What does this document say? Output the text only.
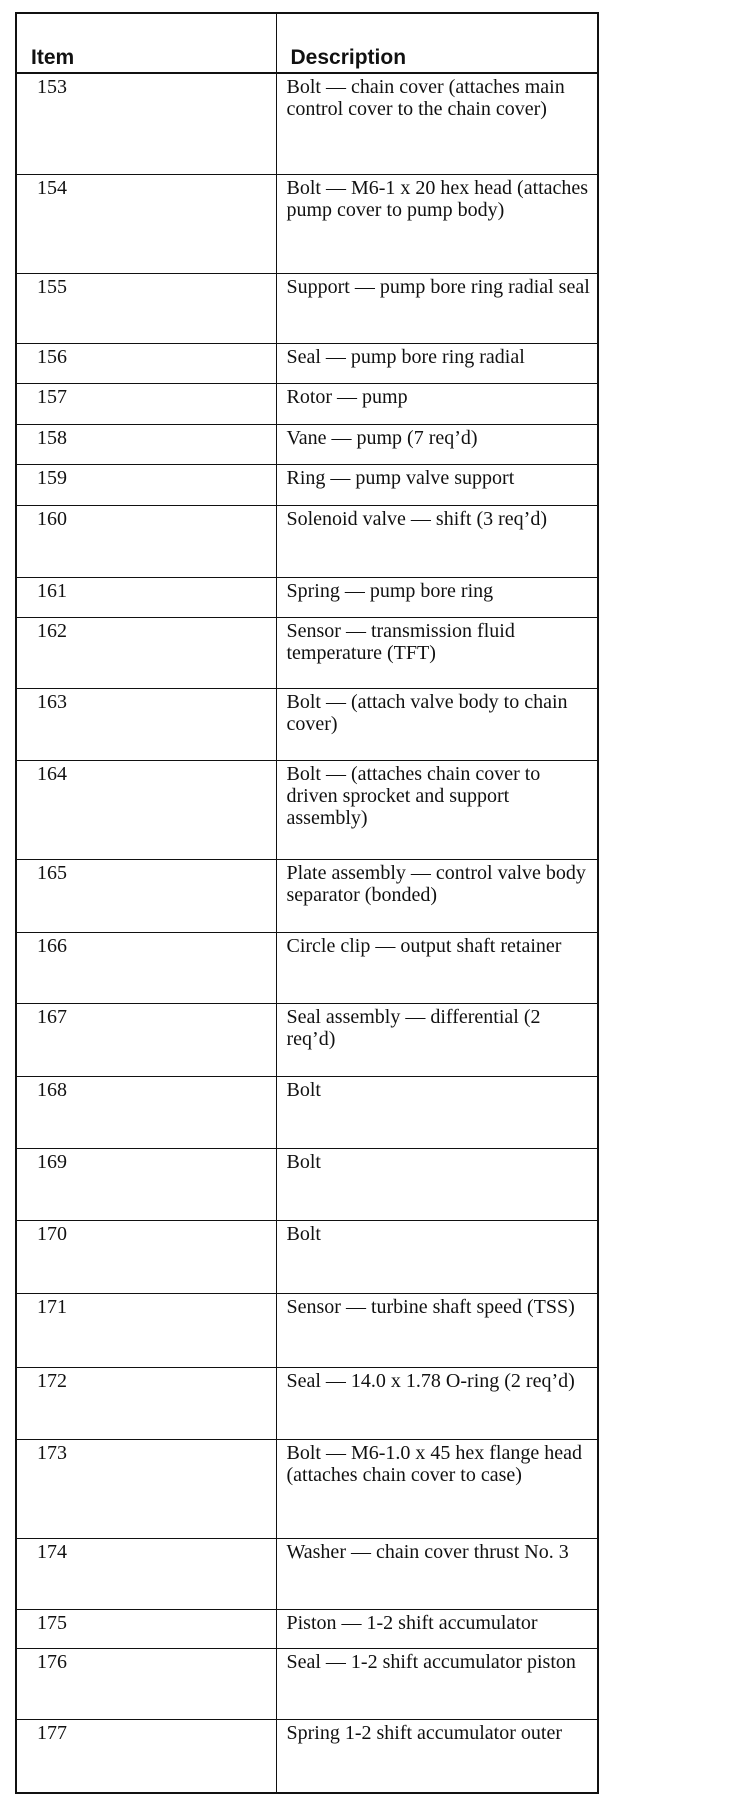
Item	Description
153	Bolt — chain cover (attaches main control cover to the chain cover)
154	Bolt — M6-1 x 20 hex head (attaches pump cover to pump body)
155	Support — pump bore ring radial seal
156	Seal — pump bore ring radial
157	Rotor — pump
158	Vane — pump (7 req’d)
159	Ring — pump valve support
160	Solenoid valve — shift (3 req’d)
161	Spring — pump bore ring
162	Sensor — transmission fluid temperature (TFT)
163	Bolt — (attach valve body to chain cover)
164	Bolt — (attaches chain cover to driven sprocket and support assembly)
165	Plate assembly — control valve body separator (bonded)
166	Circle clip — output shaft retainer
167	Seal assembly — differential (2 req’d)
168	Bolt
169	Bolt
170	Bolt
171	Sensor — turbine shaft speed (TSS)
172	Seal — 14.0 x 1.78 O-ring (2 req’d)
173	Bolt — M6-1.0 x 45 hex flange head (attaches chain cover to case)
174	Washer — chain cover thrust No. 3
175	Piston — 1-2 shift accumulator
176	Seal — 1-2 shift accumulator piston
177	Spring 1-2 shift accumulator outer
